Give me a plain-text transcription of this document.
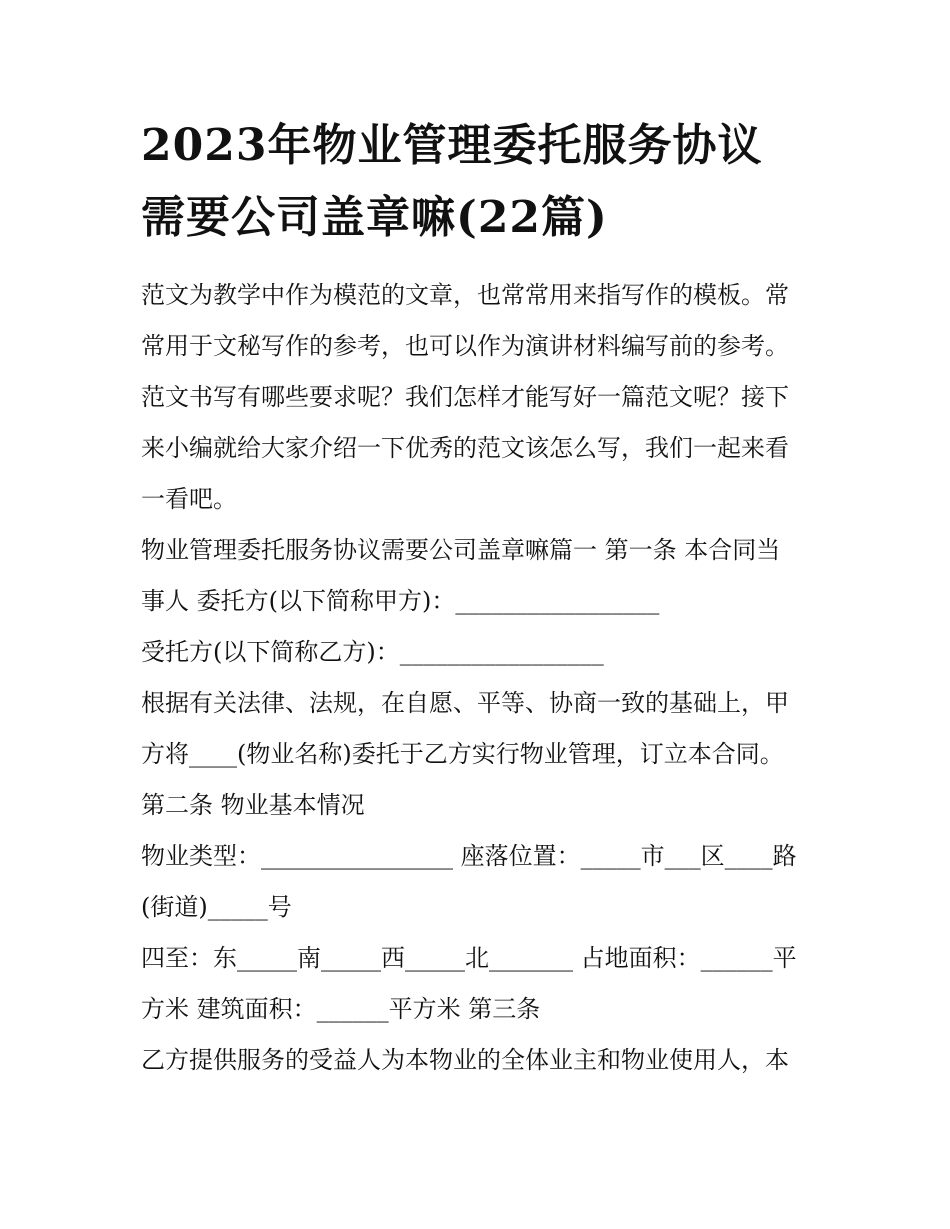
2023年物业管理委托服务协议
需要公司盖章嘛(22篇)
范文为教学中作为模范的文章，也常常用来指写作的模板。常
常用于文秘写作的参考，也可以作为演讲材料编写前的参考。
范文书写有哪些要求呢？我们怎样才能写好一篇范文呢？接下
来小编就给大家介绍一下优秀的范文该怎么写，我们一起来看
一看吧。
物业管理委托服务协议需要公司盖章嘛篇一 第一条 本合同当
事人 委托方(以下简称甲方)：_________________
受托方(以下简称乙方)：_________________
根据有关法律、法规，在自愿、平等、协商一致的基础上，甲
方将____(物业名称)委托于乙方实行物业管理，订立本合同。
第二条 物业基本情况
物业类型：________________ 座落位置：_____市___区____路
(街道)_____号
四至：东_____南_____西_____北_______ 占地面积：______平
方米 建筑面积：______平方米 第三条
乙方提供服务的受益人为本物业的全体业主和物业使用人，本
